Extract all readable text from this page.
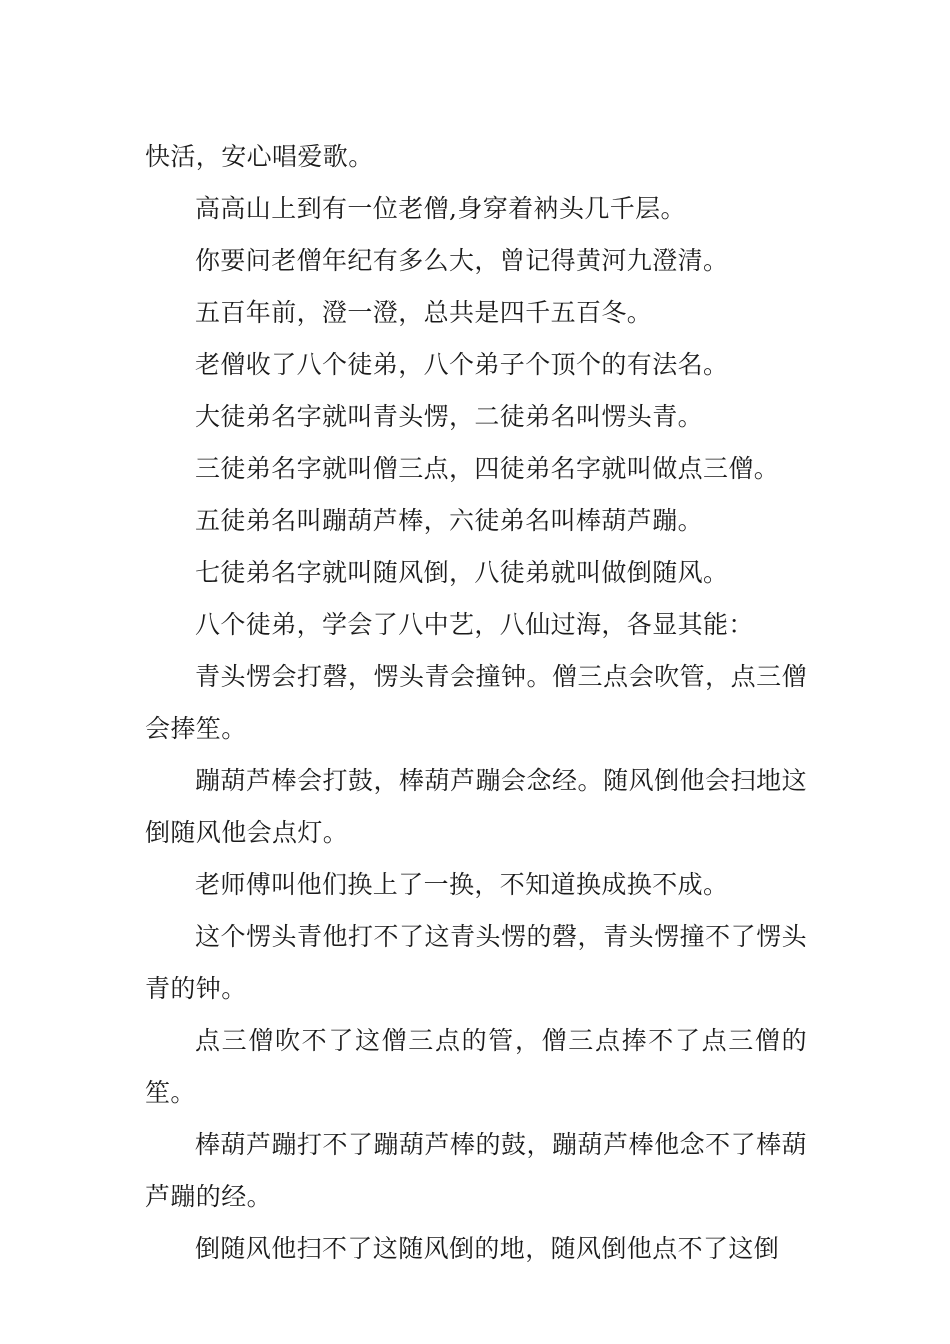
快活，安心唱爱歌。

高高山上到有一位老僧,身穿着衲头几千层。

你要问老僧年纪有多么大，曾记得黄河九澄清。

五百年前，澄一澄，总共是四千五百冬。

老僧收了八个徒弟，八个弟子个顶个的有法名。

大徒弟名字就叫青头愣，二徒弟名叫愣头青。

三徒弟名字就叫僧三点，四徒弟名字就叫做点三僧。

五徒弟名叫蹦葫芦棒，六徒弟名叫棒葫芦蹦。

七徒弟名字就叫随风倒，八徒弟就叫做倒随风。

八个徒弟，学会了八中艺，八仙过海，各显其能：

青头愣会打磬，愣头青会撞钟。僧三点会吹管，点三僧会捧笙。

蹦葫芦棒会打鼓，棒葫芦蹦会念经。随风倒他会扫地这倒随风他会点灯。

老师傅叫他们换上了一换，不知道换成换不成。

这个愣头青他打不了这青头愣的磬，青头愣撞不了愣头青的钟。

点三僧吹不了这僧三点的管，僧三点捧不了点三僧的笙。

棒葫芦蹦打不了蹦葫芦棒的鼓，蹦葫芦棒他念不了棒葫芦蹦的经。

倒随风他扫不了这随风倒的地，随风倒他点不了这倒
